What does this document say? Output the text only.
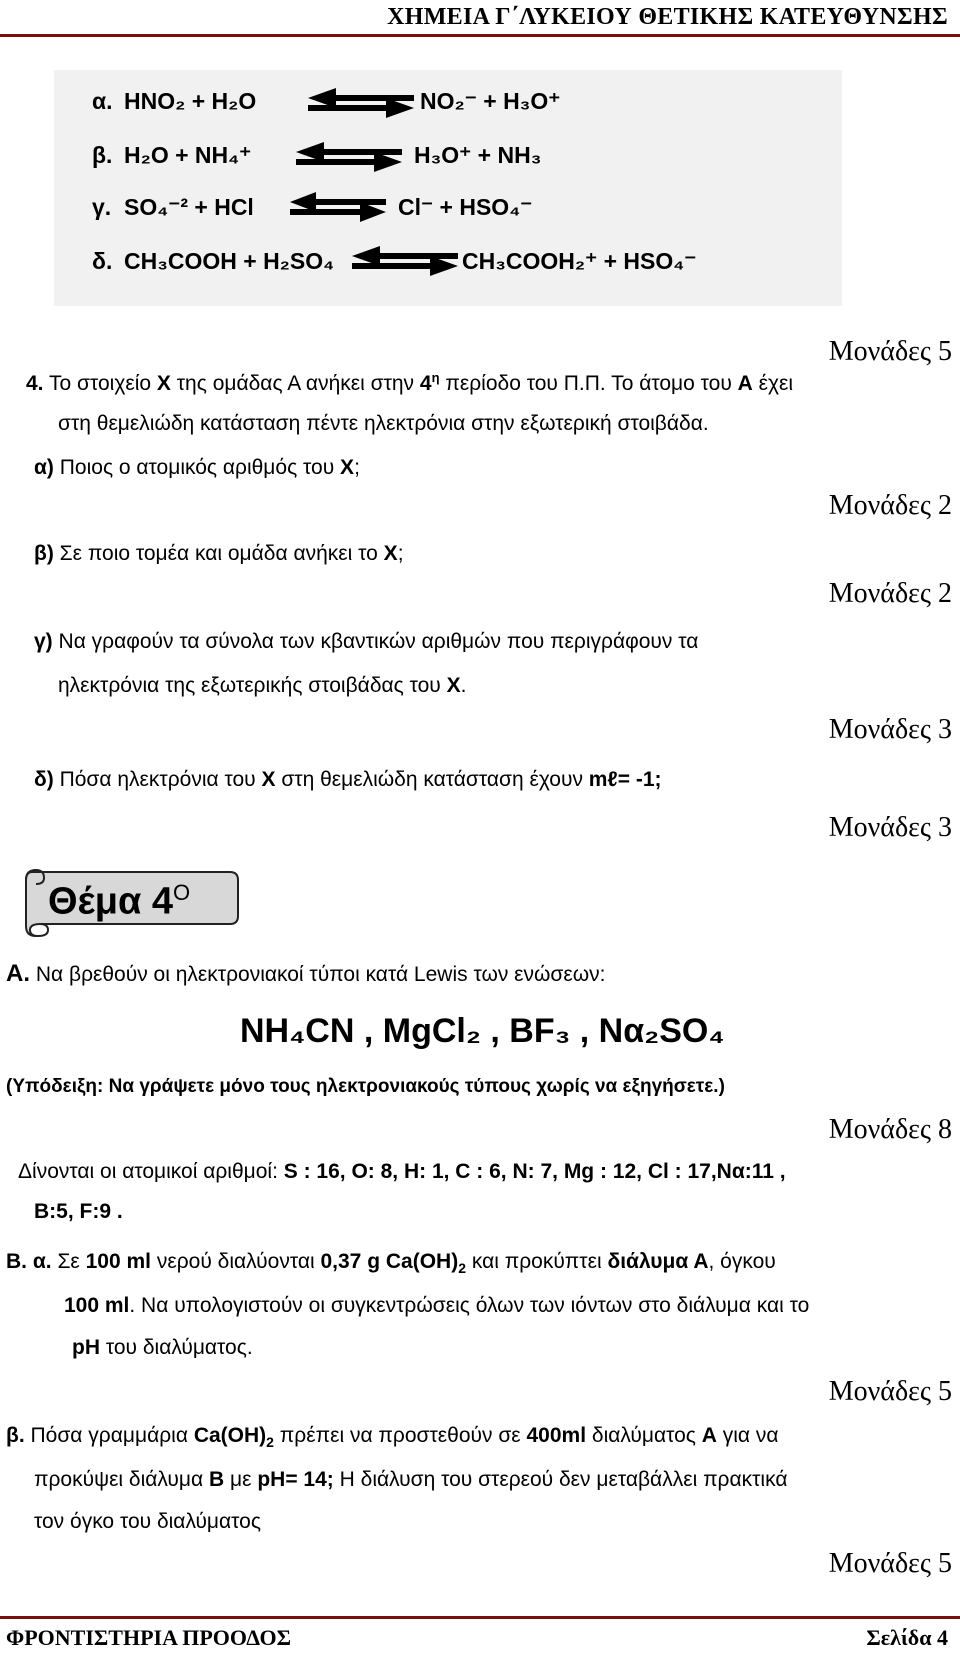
ΧΗΜΕΙΑ Γ΄ΛΥΚΕΙΟΥ ΘΕΤΙΚΗΣ ΚΑΤΕΥΘΥΝΣΗΣ
α. HNO₂ + H₂O	NO₂⁻ + H₃O⁺
β. H₂O + NH₄⁺	H₃O⁺ + NH₃
γ. SO₄⁻² + HCl	Cl⁻ + HSO₄⁻
δ. CH₃COOH + H₂SO₄	CH₃COOH₂⁺ + HSO₄⁻
Μονάδες 5
4. Το στοιχείο X της ομάδας Α ανήκει στην $4^\eta$ περίοδο του Π.Π. Το άτομο του Α έχει
στη θεμελιώδη κατάσταση πέντε ηλεκτρόνια στην εξωτερική στοιβάδα.
α) Ποιος ο ατομικός αριθμός του X;
Μονάδες 2
β) Σε ποιο τομέα και ομάδα ανήκει το X;
Μονάδες 2
γ) Να γραφούν τα σύνολα των κβαντικών αριθμών που περιγράφουν τα
ηλεκτρόνια της εξωτερικής στοιβάδας του X.
Μονάδες 3
δ) Πόσα ηλεκτρόνια του X στη θεμελιώδη κατάσταση έχουν mℓ= -1;
Μονάδες 3
Θέμα $4^O$
Α. Να βρεθούν οι ηλεκτρονιακοί τύποι κατά Lewis των ενώσεων:
NH₄CN , MgCl₂ , BF₃ , Να₂SO₄
(Υπόδειξη: Να γράψετε μόνο τους ηλεκτρονιακούς τύπους χωρίς να εξηγήσετε.)
Μονάδες 8
Δίνονται οι ατομικοί αριθμοί: S : 16, O: 8, H: 1, C : 6, N: 7, Mg : 12, Cl : 17,Να:11 ,
B:5, F:9 .
Β. α. Σε 100 ml νερού διαλύονται 0,37 g $Ca(OH)_2$ και προκύπτει διάλυμα Α, όγκου
100 ml. Να υπολογιστούν οι συγκεντρώσεις όλων των ιόντων στο διάλυμα και το
pH του διαλύματος.
Μονάδες 5
β. Πόσα γραμμάρια $Ca(OH)_2$ πρέπει να προστεθούν σε 400ml διαλύματος Α για να
προκύψει διάλυμα Β με pH= 14; Η διάλυση του στερεού δεν μεταβάλλει πρακτικά
τον όγκο του διαλύματος
Μονάδες 5
ΦΡΟΝΤΙΣΤΗΡΙΑ ΠΡΟΟΔΟΣ	Σελίδα 4
